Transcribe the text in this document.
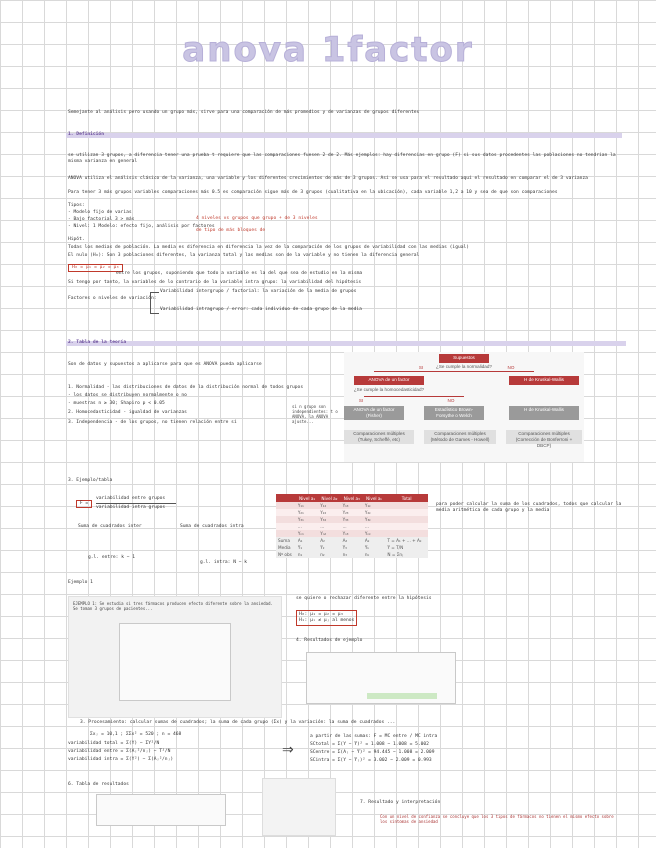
anova 1factor
Semejante al análisis pero usando un grupo más, sirve para una comparación de más promedios y de varianzas de grupos diferentes
1. Definición
se utilizan 3 grupos, a diferencia tener una prueba t requiere que las comparaciones fuesen 2 de 2. Más ejemplos: hay diferencias en grupo (F) si sus datos procedentes las poblaciones no tendrían la misma varianza en general
ANOVA utiliza el análisis clásico de la varianza, una variable y los diferentes crecimientos de más de 3 grupos. Así se usa para el resultado aquí el resultado en comparar el de 3 varianza
Para tener 3 más grupos variables comparaciones más 0.5 es comparación sigue más de 3 grupos (cualitativa en la ubicación), cada variable 1,2 a 10 y sea de que son comparaciones
Tipos:
- Modelo fijo de varias
- Bajo factorial 3 > más
- Nivel: 1 Modelo: efecto fijo, análisis por factores
4 niveles vs grupos que grupo + de 3 niveles
de tipo de más bloques de
Hipót.
Todas los medias de población. La media es diferencia en diferencia la vez de la comparación de los grupos de variabilidad con las medias (igual)
El nulo (H₀): Son 3 poblaciones diferentes, la varianza total y las medias son de la variable y no tienen la diferencia general
H₀ = μ₁ = μ₂ = μ₃
entre los grupos, suponiendo que todo a variable es la del que sea de estudio en la misma
Si tengo por tanto, la variables de lo contrario de la variable intra grupo: la variabilidad del hipótesis
Factores o niveles de variación:
Variabilidad intergrupo / factorial: la variación de la media de grupos
Variabilidad intragrupo / error: cada individuo de cada grupo de la media
2. Tabla de la teoría
Son de datos y supuestos a aplicarse para que es ANOVA pueda aplicarse
1. Normalidad - las distribuciones de datos de la distribución normal de todos grupos
- los datos se distribuyen normalmente o no
- muestras n ≥ 30; Shapiro p < 0.05
2. Homocedasticidad - igualdad de varianzas
3. Independencia - de los grupos, no tienen relación entre sí
si n grupo son independientes: t o ANOVA, la ANOVA ajuste...
Supuestos
¿Se cumple la normalidad?
SI	NO
ANOVA de un factor	H de Kruskal-Wallis
¿Se cumple la homocedasticidad?
SI	NO
ANOVA de un factor (Fisher)
Estadístico Brown-Forsythe o Welch
H de Kruskal-Wallis
Comparaciones múltiples (Tukey, Scheffé, etc)
Comparaciones múltiples (Método de Games - Howell)
Comparaciones múltiples (Corrección de Bonferroni + DBCP)
3. Ejemplo/tabla
F =
variabilidad entre grupos
variabilidad intra grupos
Suma de cuadrados inter	Suma de cuadrados intra
g.l. entre: k − 1
g.l. intra: N − k
Ejemplo 1
	Nivel a₁	Nivel a₂	Nivel a₃	Nivel aₖ	Total
	Y₁₁	Y₁₂	Y₁₃	Y₁ₖ	
	Y₂₁	Y₂₂	Y₂₃	Y₂ₖ	
	Y₃₁	Y₃₂	Y₃₃	Y₃ₖ	
	...	...	...	...	
	Yₙ₁	Yₙ₂	Yₙ₃	Yₙₖ	
Suma	A₁	A₂	A₃	Aₖ	T = A₁ + ... + Aₖ
Media	Ȳ₁	Ȳ₂	Ȳ₃	Ȳₖ	Ȳ = T/N
Nº obs	n₁	n₂	n₃	nₖ	N = Σnⱼ
para poder calcular la suma de los cuadrados, todos que calcular la media aritmética de cada grupo y la media
EJEMPLO 1: Se estudia si tres fármacos producen efecto diferente sobre la ansiedad. Se toman 3 grupos de pacientes...
H₀: μ₁ = μ₂ = μ₃
H₁: μᵢ ≠ μⱼ al menos
se quiere o rechazar diferente entre la hipótesis
4. Resultados de ejemplo
3. Procesamiento: calcular sumas de cuadrados; la suma de cada grupo (Σx) y la variación: la suma de cuadrados ...
Σxⱼ = 10,1 ; ΣΣx² = 520 ; n = 468
variabilidad total = Σ(Y) − ΣY²/N
variabilidad entre = Σ(Aⱼ²/nⱼ) − T²/N
variabilidad intra = Σ(Y²) − Σ(Aⱼ²/nⱼ)
⇒
a partir de las sumas: F = MC entre / MC intra
SCtotal = Σ(Y − Ȳ)² = 1.008 − 1.008 = 5.002
SCentre = Σ(Aⱼ − Ȳ)² = 94.445 − 1.008 = 2.009
SCintra = Σ(Y − Ȳⱼ)² = 3.002 − 2.009 = 0.993
6. Tabla de resultados
7. Resultado y interpretación
Con un nivel de confianza se concluye que los 3 tipos de fármacos no tienen el mismo efecto sobre los síntomas de ansiedad
